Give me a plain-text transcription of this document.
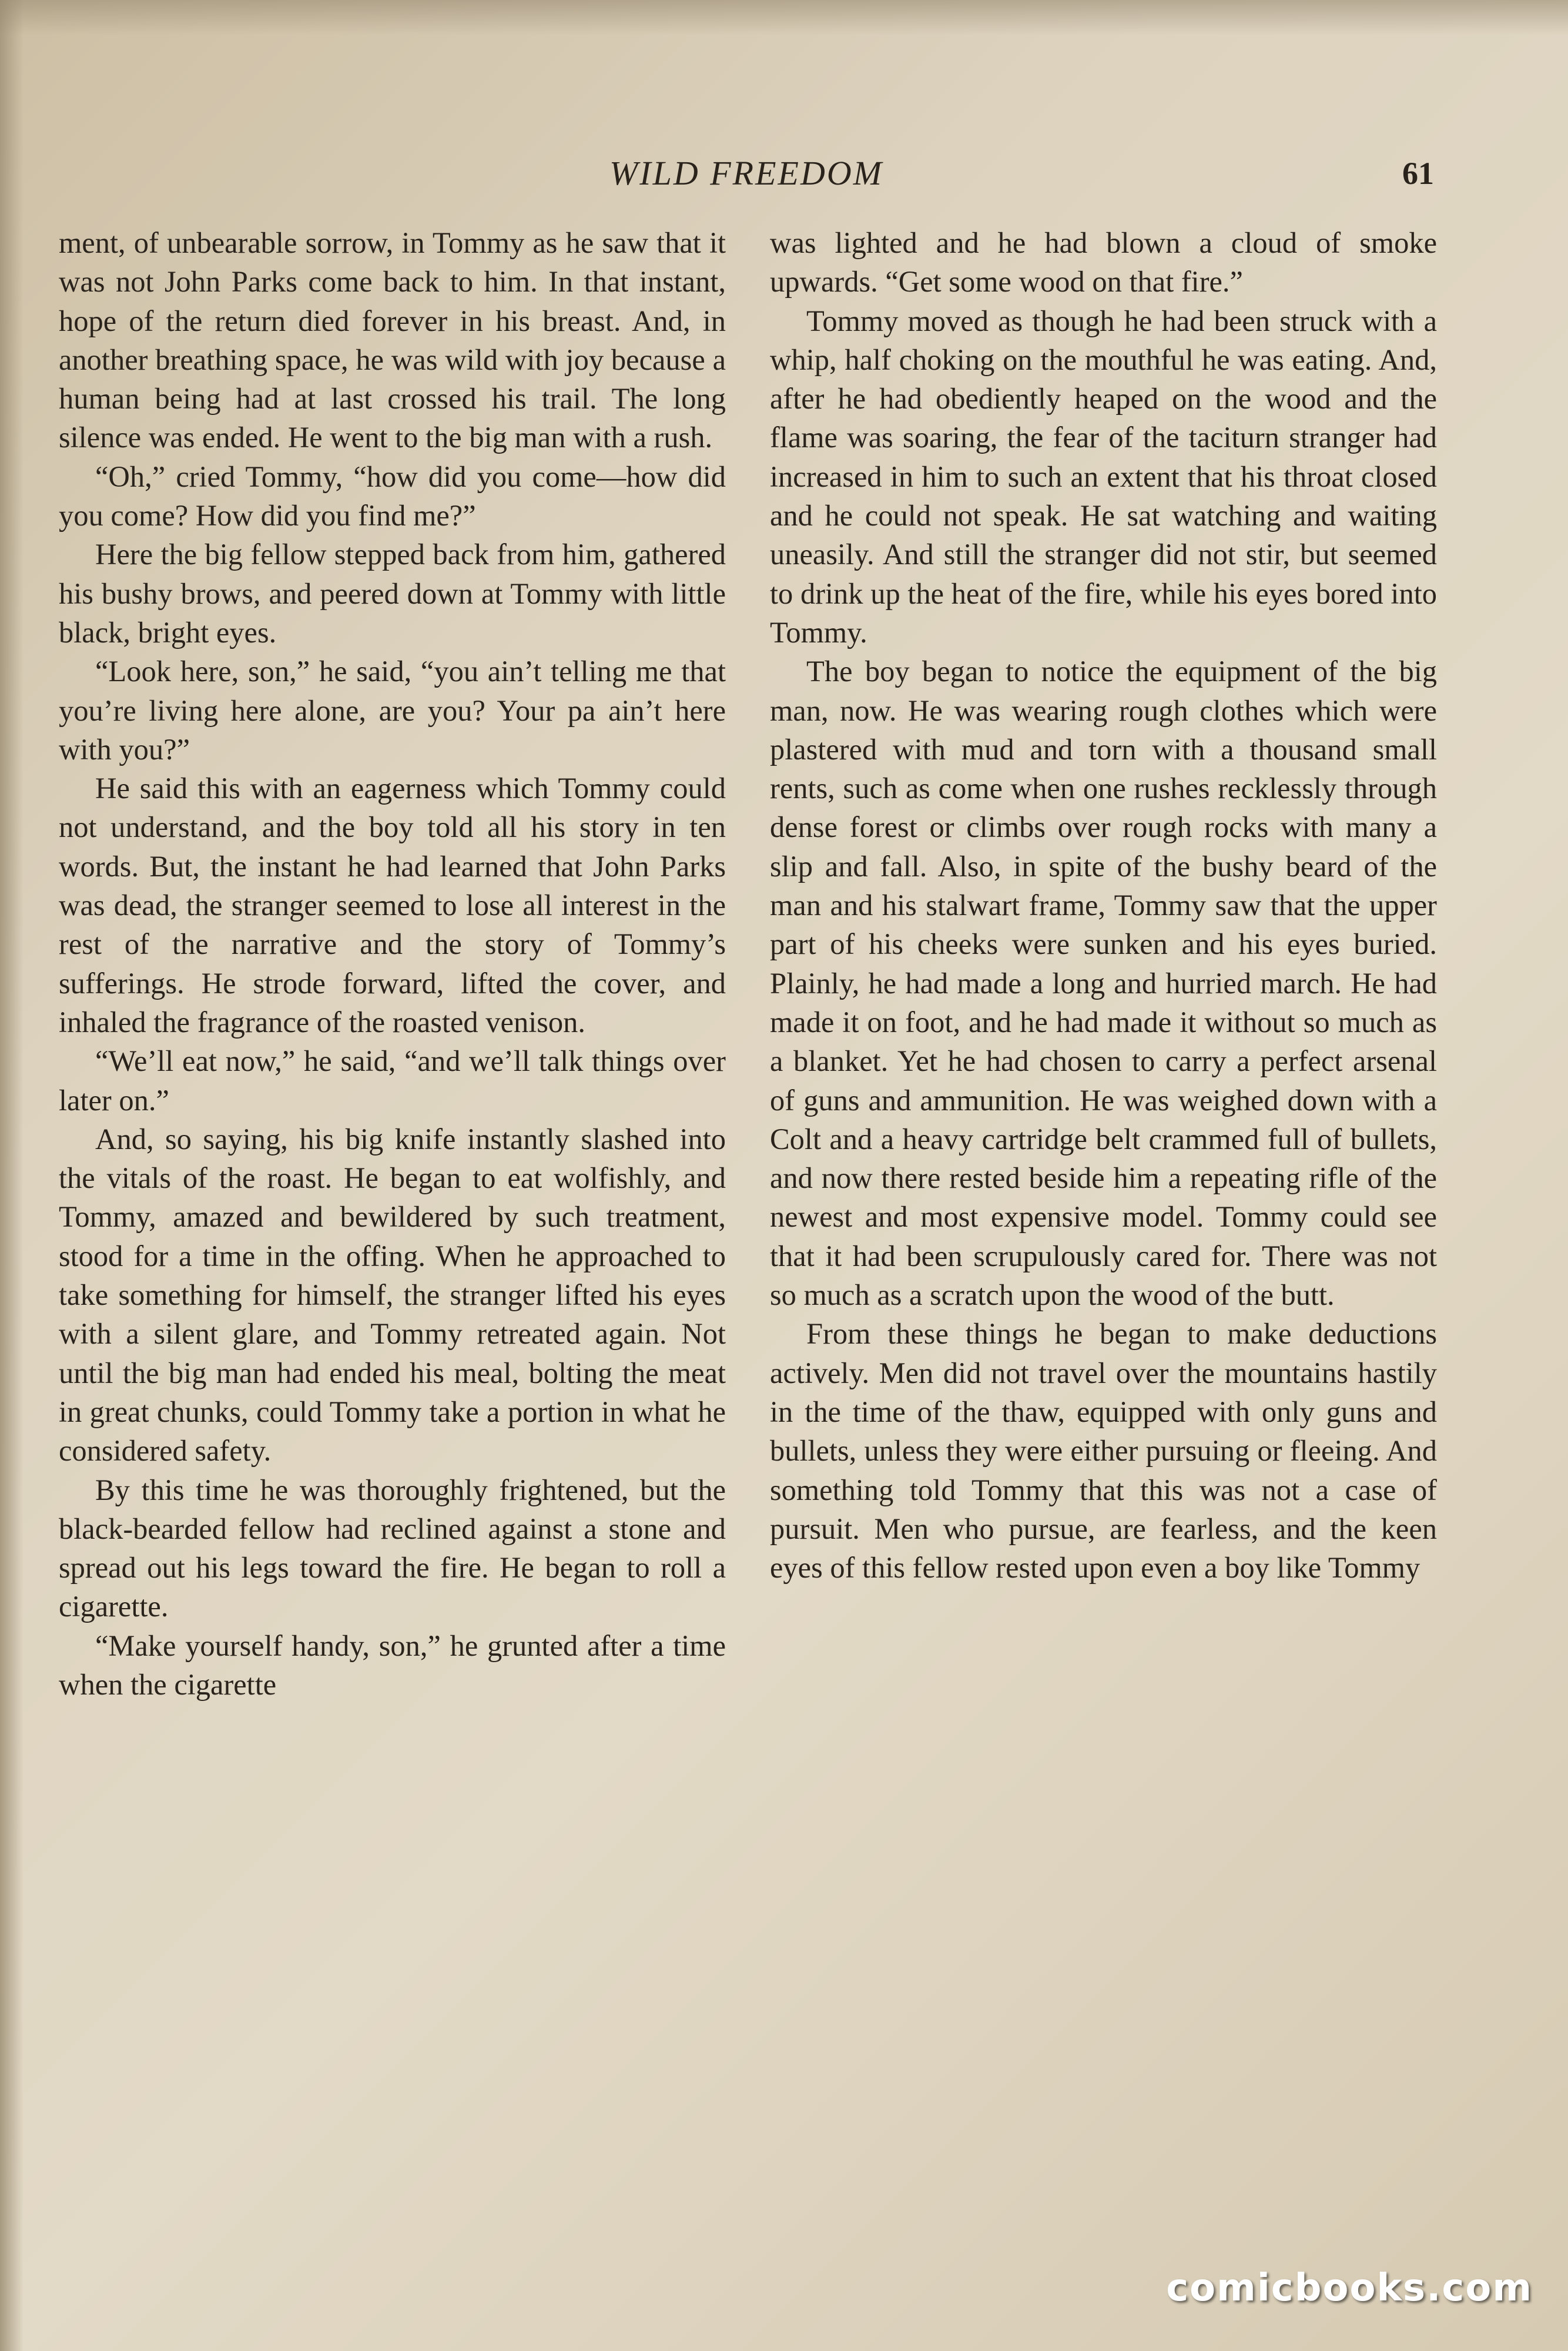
WILD FREEDOM	61

ment, of unbearable sorrow, in Tommy as he saw that it was not John Parks come back to him. In that instant, hope of the return died forever in his breast. And, in another breathing space, he was wild with joy because a human being had at last crossed his trail. The long silence was ended. He went to the big man with a rush.

“Oh,” cried Tommy, “how did you come—how did you come? How did you find me?”

Here the big fellow stepped back from him, gathered his bushy brows, and peered down at Tommy with little black, bright eyes.

“Look here, son,” he said, “you ain’t telling me that you’re living here alone, are you? Your pa ain’t here with you?”

He said this with an eagerness which Tommy could not understand, and the boy told all his story in ten words. But, the instant he had learned that John Parks was dead, the stranger seemed to lose all interest in the rest of the narrative and the story of Tommy’s sufferings. He strode forward, lifted the cover, and inhaled the fragrance of the roasted venison.

“We’ll eat now,” he said, “and we’ll talk things over later on.”

And, so saying, his big knife instantly slashed into the vitals of the roast. He began to eat wolfishly, and Tommy, amazed and bewildered by such treatment, stood for a time in the offing. When he approached to take something for himself, the stranger lifted his eyes with a silent glare, and Tommy retreated again. Not until the big man had ended his meal, bolting the meat in great chunks, could Tommy take a portion in what he considered safety.

By this time he was thoroughly frightened, but the black-bearded fellow had reclined against a stone and spread out his legs toward the fire. He began to roll a cigarette.

“Make yourself handy, son,” he grunted after a time when the cigarette

was lighted and he had blown a cloud of smoke upwards. “Get some wood on that fire.”

Tommy moved as though he had been struck with a whip, half choking on the mouthful he was eating. And, after he had obediently heaped on the wood and the flame was soaring, the fear of the taciturn stranger had increased in him to such an extent that his throat closed and he could not speak. He sat watching and waiting uneasily. And still the stranger did not stir, but seemed to drink up the heat of the fire, while his eyes bored into Tommy.

The boy began to notice the equipment of the big man, now. He was wearing rough clothes which were plastered with mud and torn with a thousand small rents, such as come when one rushes recklessly through dense forest or climbs over rough rocks with many a slip and fall. Also, in spite of the bushy beard of the man and his stalwart frame, Tommy saw that the upper part of his cheeks were sunken and his eyes buried. Plainly, he had made a long and hurried march. He had made it on foot, and he had made it without so much as a blanket. Yet he had chosen to carry a perfect arsenal of guns and ammunition. He was weighed down with a Colt and a heavy cartridge belt crammed full of bullets, and now there rested beside him a repeating rifle of the newest and most expensive model. Tommy could see that it had been scrupulously cared for. There was not so much as a scratch upon the wood of the butt.

From these things he began to make deductions actively. Men did not travel over the mountains hastily in the time of the thaw, equipped with only guns and bullets, unless they were either pursuing or fleeing. And something told Tommy that this was not a case of pursuit. Men who pursue, are fearless, and the keen eyes of this fellow rested upon even a boy like Tommy

comicbooks.com
